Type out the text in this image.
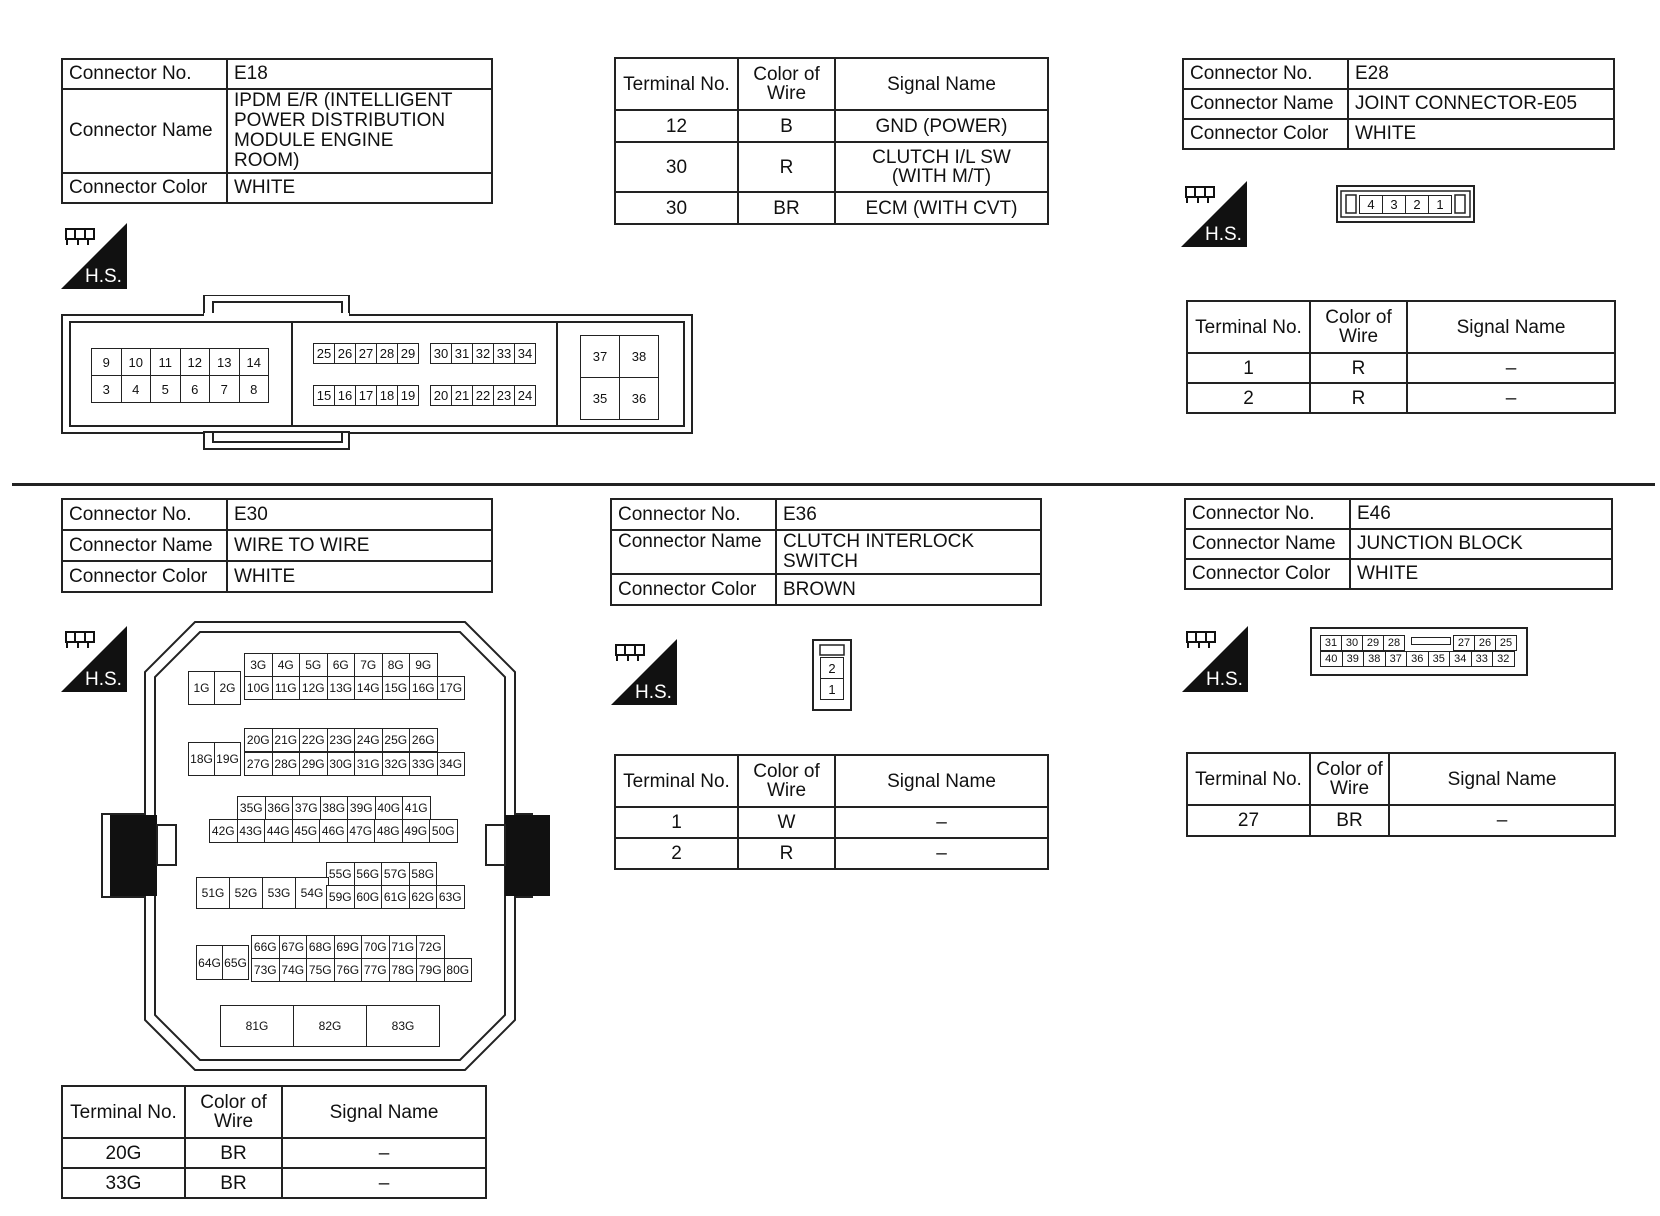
Connector No.	E18
Connector Name	IPDM E/R (INTELLIGENT POWER DISTRIBUTION MODULE ENGINE ROOM)
Connector Color	WHITE
H.S.
9	10	11	12	13	14
3	4	5	6	7	8
25 26 27 28 29 30 31 32 33 34
15 16 17 18 19 20 21 22 23 24
37	38
35	36
Terminal No.	Color of Wire	Signal Name
12	B	GND (POWER)
30	R	CLUTCH I/L SW (WITH M/T)
30	BR	ECM (WITH CVT)
Connector No.	E28
Connector Name	JOINT CONNECTOR-E05
Connector Color	WHITE
H.S.
4	3	2	1
Terminal No.	Color of Wire	Signal Name
1	R	–
2	R	–
Connector No.	E30
Connector Name	WIRE TO WIRE
Connector Color	WHITE
H.S.
3G 4G 5G 6G 7G 8G 9G
1G 2G 10G 11G 12G 13G 14G 15G 16G 17G
20G 21G 22G 23G 24G 25G 26G
18G 19G 27G 28G 29G 30G 31G 32G 33G 34G
35G 36G 37G 38G 39G 40G 41G
42G 43G 44G 45G 46G 47G 48G 49G 50G
55G 56G 57G 58G
51G 52G 53G 54G 59G 60G 61G 62G 63G
66G 67G 68G 69G 70G 71G 72G
64G 65G
73G 74G 75G 76G 77G 78G 79G 80G
81G	82G	83G
Terminal No.	Color of Wire	Signal Name
20G	BR	–
33G	BR	–
Connector No.	E36
Connector Name	CLUTCH INTERLOCK SWITCH
Connector Color	BROWN
H.S.
2
1
Terminal No.	Color of Wire	Signal Name
1	W	–
2	R	–
Connector No.	E46
Connector Name	JUNCTION BLOCK
Connector Color	WHITE
H.S.
31 30 29 28	27 26 25
40 39 38 37 36 35 34 33 32
Terminal No.	Color of Wire	Signal Name
27	BR	–
